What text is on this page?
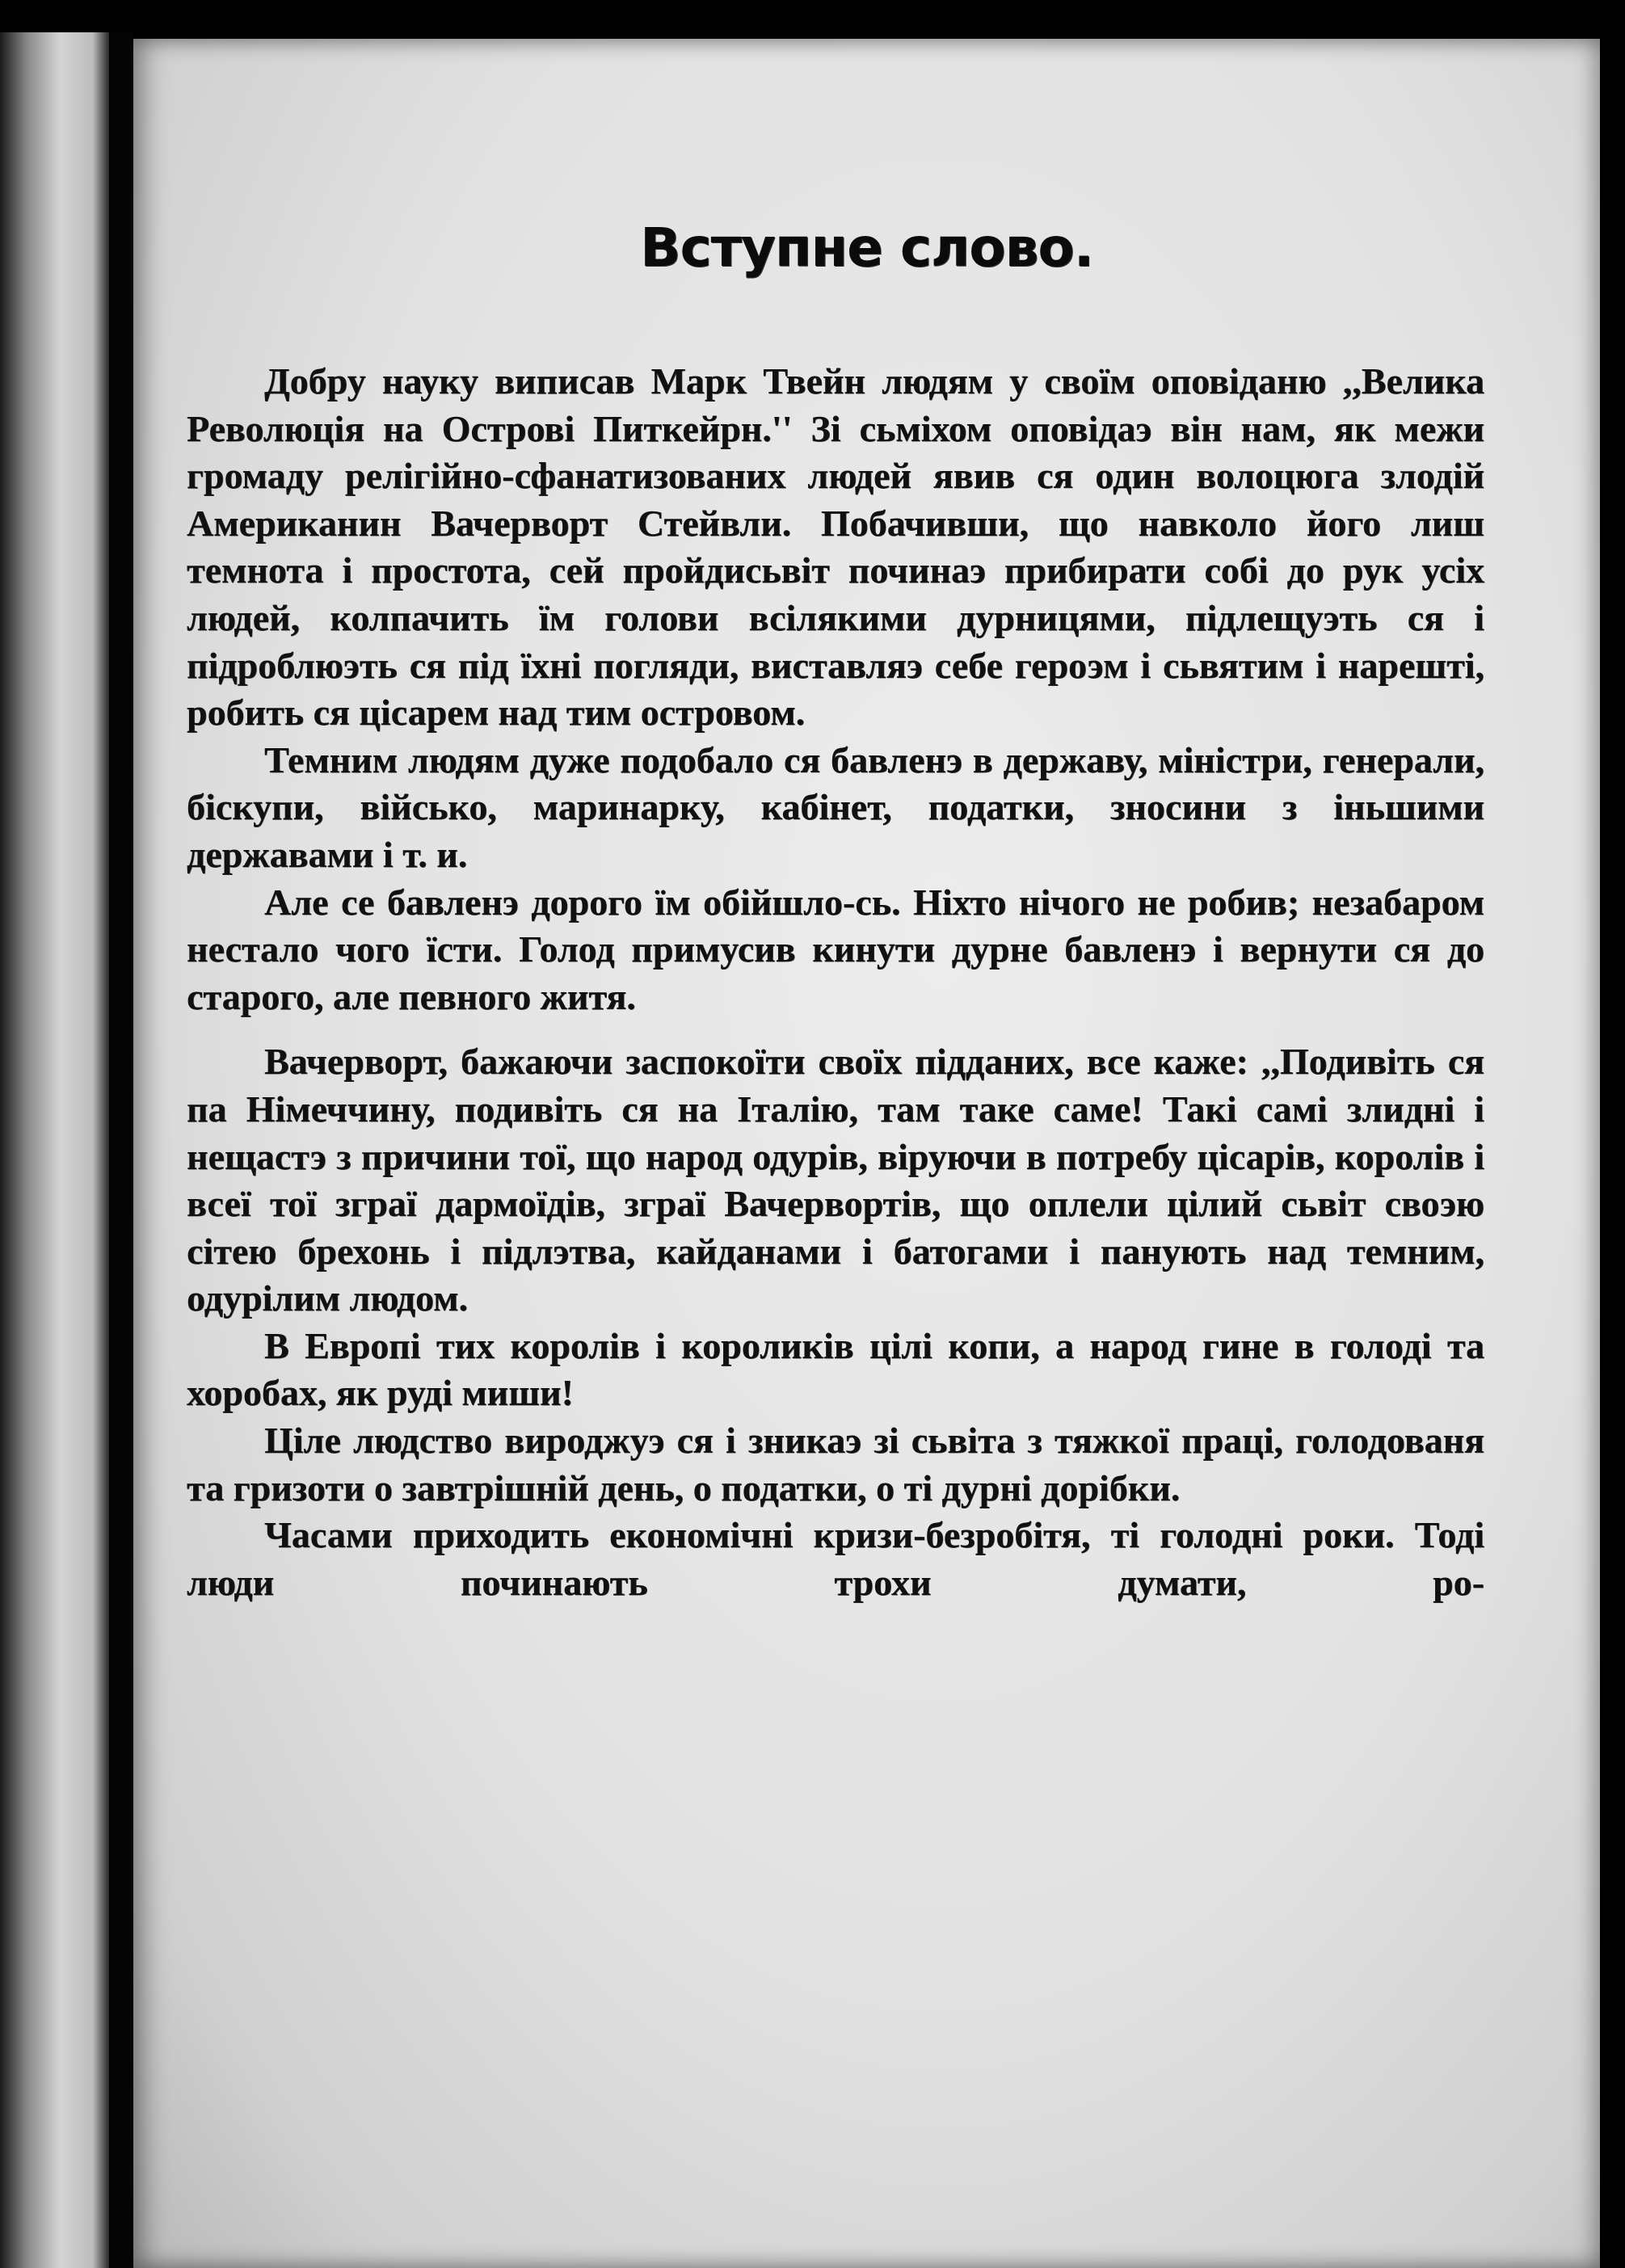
Вступне слово.

Добру науку виписав Марк Твейн людям у своїм оповіданю ,,Велика Революція на Острові Питкейрн.'' Зі сьміхом оповідаэ він нам, як межи громаду релігійно-сфанатизованих людей явив ся один волоцюга злодій Американин Вачерворт Стейвли. Побачивши, що навколо його лиш темнота і простота, сей пройдисьвіт починаэ прибирати собі до рук усіх людей, колпачить їм голови всілякими дурницями, підлещуэть ся і підроблюэть ся під їхні погляди, виставляэ себе героэм і сьвятим і нарешті, робить ся цісарем над тим островом.

Темним людям дуже подобало ся бавленэ в державу, міністри, генерали, біскупи, військо, маринарку, кабінет, податки, зносини з іньшими державами і т. и.

Але се бавленэ дорого їм обійшло-сь. Ніхто нічого не робив; незабаром нестало чого їсти. Голод примусив кинути дурне бавленэ і вернути ся до старого, але певного житя.

Вачерворт, бажаючи заспокоїти своїх підданих, все каже: ,,Подивіть ся па Німеччину, подивіть ся на Італію, там таке саме! Такі самі злидні і нещастэ з причини тої, що народ одурів, віруючи в потребу цісарів, королів і всеї тої зграї дармоїдів, зграї Вачервортів, що оплели цілий сьвіт своэю сітею брехонь і підлэтва, кайданами і батогами і панують над темним, одурілим людом.

В Европі тих королів і короликів цілі копи, а народ гине в голоді та хоробах, як руді миши!

Ціле людство вироджуэ ся і зникаэ зі сьвіта з тяжкої праці, голодованя та гризоти о завтрішній день, о податки, о ті дурні дорібки.

Часами приходить економічні кризи-безробітя, ті голодні роки. Тоді люди починають трохи думати, ро-
